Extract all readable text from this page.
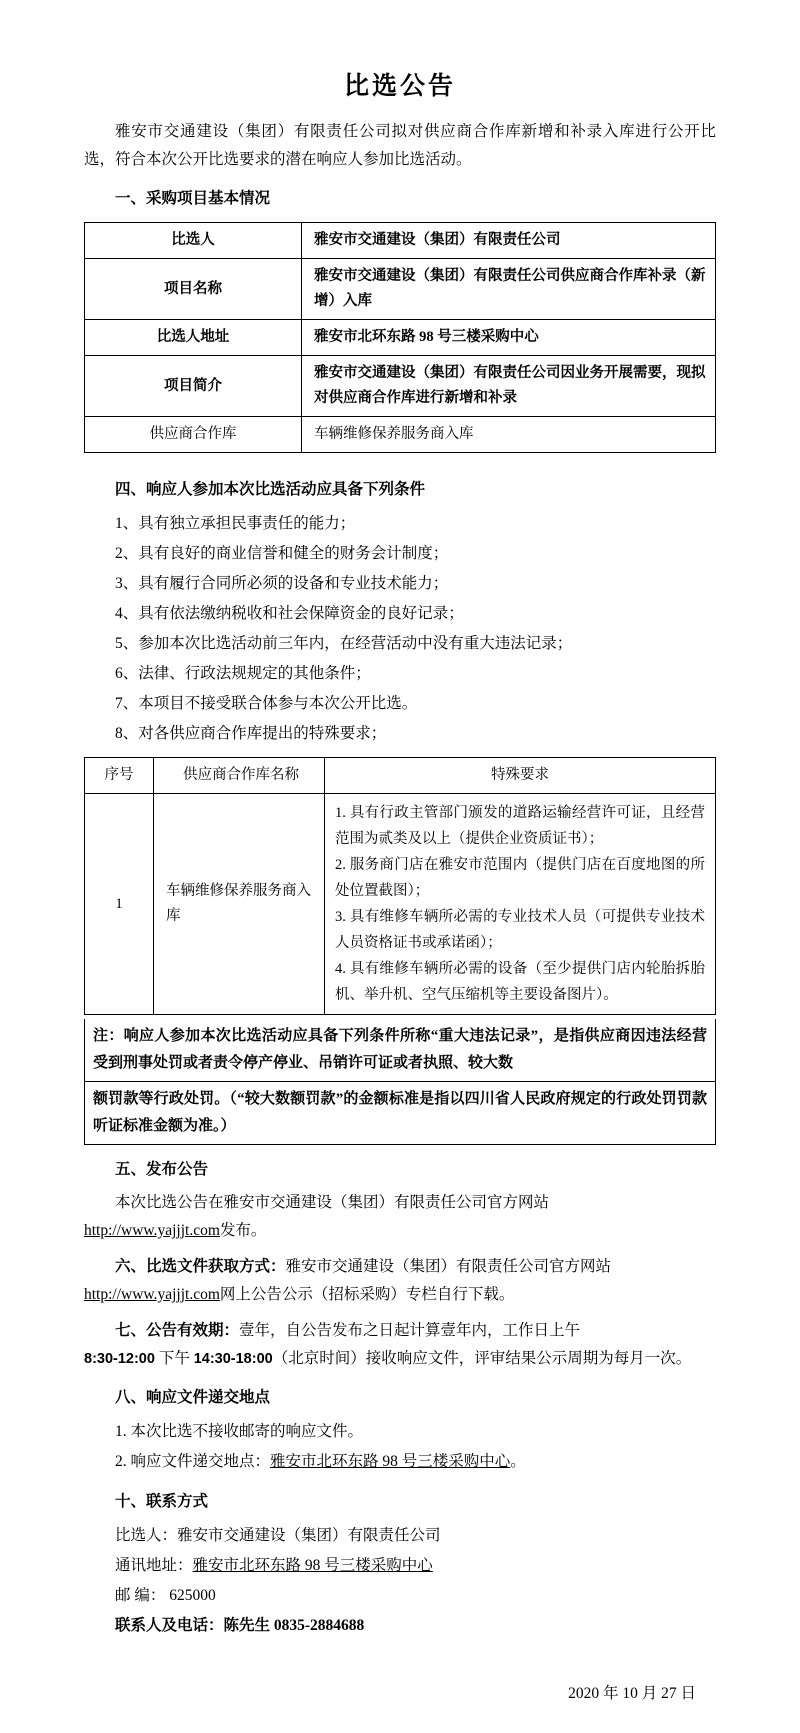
比选公告

雅安市交通建设（集团）有限责任公司拟对供应商合作库新增和补录入库进行公开比选，符合本次公开比选要求的潜在响应人参加比选活动。

一、采购项目基本情况
比选人	雅安市交通建设（集团）有限责任公司
项目名称	雅安市交通建设（集团）有限责任公司供应商合作库补录（新增）入库
比选人地址	雅安市北环东路 98 号三楼采购中心
项目简介	雅安市交通建设（集团）有限责任公司因业务开展需要，现拟对供应商合作库进行新增和补录
供应商合作库	车辆维修保养服务商入库
四、响应人参加本次比选活动应具备下列条件

1、具有独立承担民事责任的能力；

2、具有良好的商业信誉和健全的财务会计制度；

3、具有履行合同所必须的设备和专业技术能力；

4、具有依法缴纳税收和社会保障资金的良好记录；

5、参加本次比选活动前三年内，在经营活动中没有重大违法记录；

6、法律、行政法规规定的其他条件；

7、本项目不接受联合体参与本次公开比选。

8、对各供应商合作库提出的特殊要求；

序号	供应商合作库名称	特殊要求
1	车辆维修保养服务商入库	1. 具有行政主管部门颁发的道路运输经营许可证，且经营范围为贰类及以上（提供企业资质证书）；
2. 服务商门店在雅安市范围内（提供门店在百度地图的所处位置截图）；
3. 具有维修车辆所必需的专业技术人员（可提供专业技术人员资格证书或承诺函）；
4. 具有维修车辆所必需的设备（至少提供门店内轮胎拆胎机、举升机、空气压缩机等主要设备图片）。
注：响应人参加本次比选活动应具备下列条件所称“重大违法记录”，是指供应商因违法经营受到刑事处罚或者责令停产停业、吊销许可证或者执照、较大数
额罚款等行政处罚。（“较大数额罚款”的金额标准是指以四川省人民政府规定的行政处罚罚款听证标准金额为准。）
五、发布公告

本次比选公告在雅安市交通建设（集团）有限责任公司官方网站
http://www.yajjjt.com发布。

六、比选文件获取方式：雅安市交通建设（集团）有限责任公司官方网站
http://www.yajjjt.com网上公告公示（招标采购）专栏自行下载。

七、公告有效期：壹年，自公告发布之日起计算壹年内，工作日上午
8:30-12:00 下午 14:30-18:00（北京时间）接收响应文件，评审结果公示周期为每月一次。

八、响应文件递交地点

1. 本次比选不接收邮寄的响应文件。

2. 响应文件递交地点：雅安市北环东路 98 号三楼采购中心。

十、联系方式

比选人：雅安市交通建设（集团）有限责任公司

通讯地址：雅安市北环东路 98 号三楼采购中心

邮 编： 625000

联系人及电话：陈先生 0835-2884688

2020 年 10 月 27 日
